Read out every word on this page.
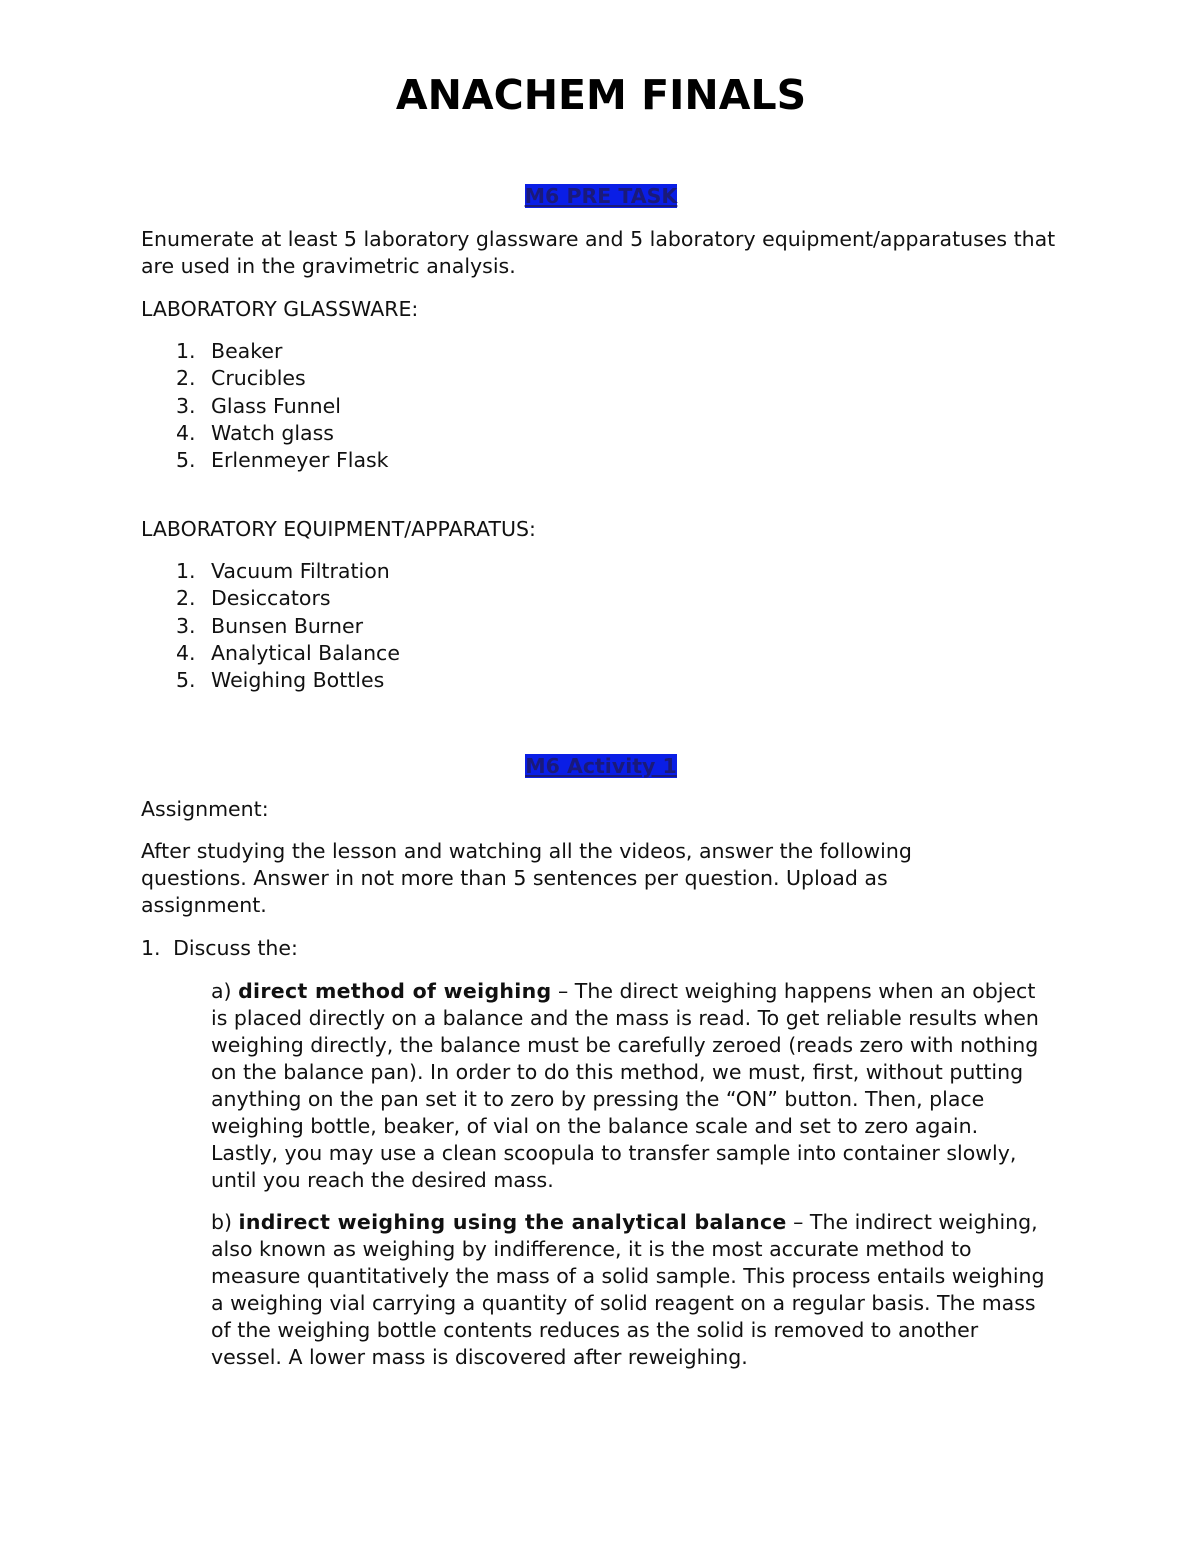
ANACHEM FINALS
M6 PRE TASK

Enumerate at least 5 laboratory glassware and 5 laboratory equipment/apparatuses that are used in the gravimetric analysis.

LABORATORY GLASSWARE:

1. Beaker
2. Crucibles
3. Glass Funnel
4. Watch glass
5. Erlenmeyer Flask

LABORATORY EQUIPMENT/APPARATUS:

1. Vacuum Filtration
2. Desiccators
3. Bunsen Burner
4. Analytical Balance
5. Weighing Bottles
M6 Activity 1

Assignment:

After studying the lesson and watching all the videos, answer the following questions. Answer in not more than 5 sentences per question. Upload as assignment.

1. Discuss the:

a) direct method of weighing – The direct weighing happens when an object is placed directly on a balance and the mass is read. To get reliable results when weighing directly, the balance must be carefully zeroed (reads zero with nothing on the balance pan). In order to do this method, we must, first, without putting anything on the pan set it to zero by pressing the “ON” button. Then, place weighing bottle, beaker, of vial on the balance scale and set to zero again. Lastly, you may use a clean scoopula to transfer sample into container slowly, until you reach the desired mass.

b) indirect weighing using the analytical balance – The indirect weighing, also known as weighing by indifference, it is the most accurate method to measure quantitatively the mass of a solid sample. This process entails weighing a weighing vial carrying a quantity of solid reagent on a regular basis. The mass of the weighing bottle contents reduces as the solid is removed to another vessel. A lower mass is discovered after reweighing.
